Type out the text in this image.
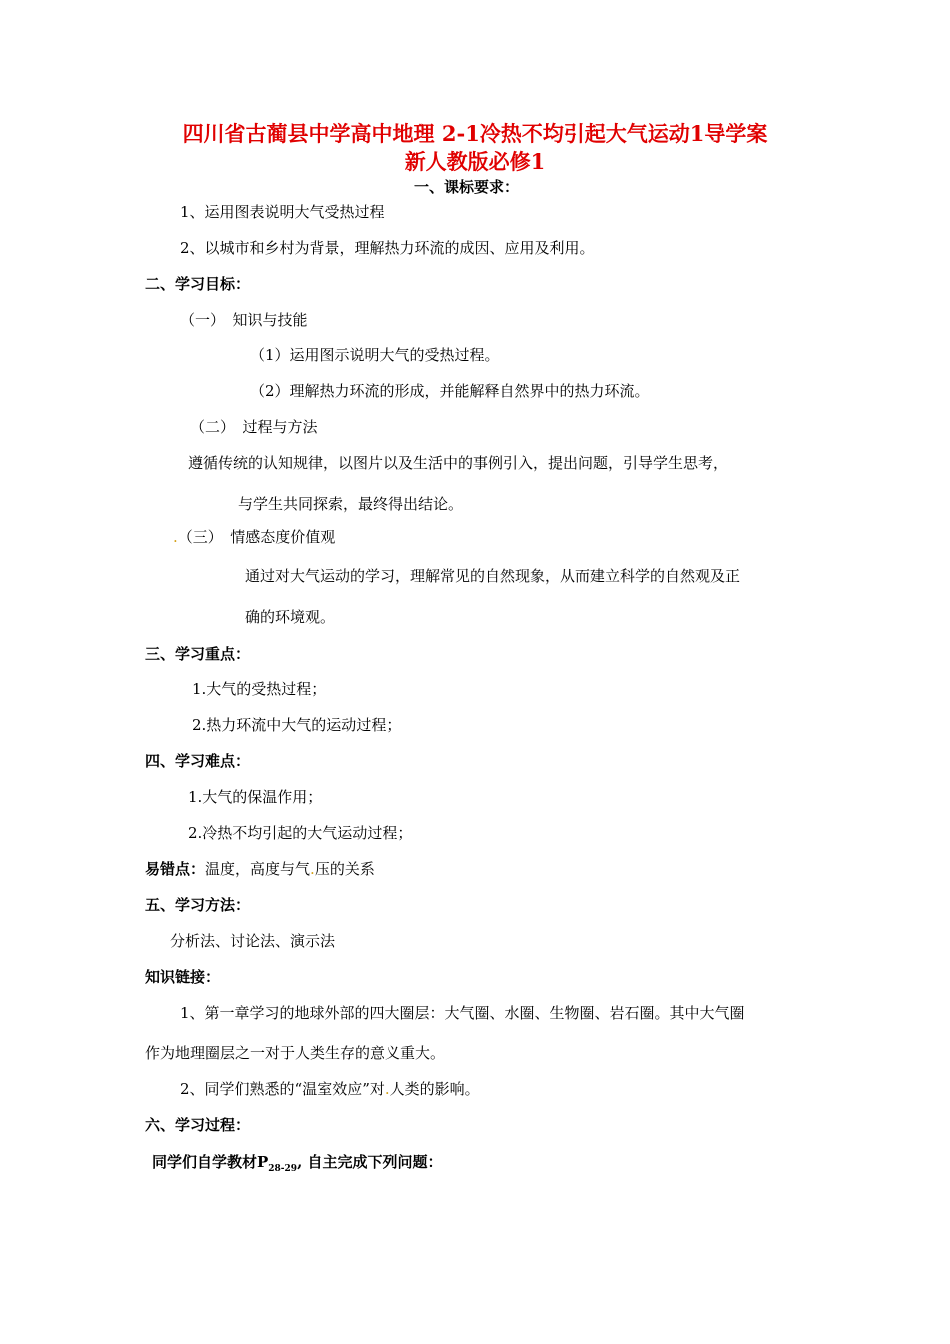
四川省古蔺县中学高中地理 2-1冷热不均引起大气运动1导学案
新人教版必修1
一、课标要求：
1、运用图表说明大气受热过程
2、以城市和乡村为背景，理解热力环流的成因、应用及利用。
二、学习目标：
（一）　知识与技能
（1）运用图示说明大气的受热过程。
（2）理解热力环流的形成，并能解释自然界中的热力环流。
（二）　过程与方法
遵循传统的认知规律，以图片以及生活中的事例引入，提出问题，引导学生思考，
与学生共同探索，最终得出结论。
.（三）　情感态度价值观
通过对大气运动的学习，理解常见的自然现象，从而建立科学的自然观及正
确的环境观。
三、学习重点：
1.大气的受热过程；
2.热力环流中大气的运动过程；
四、学习难点：
1.大气的保温作用；
2.冷热不均引起的大气运动过程；
易错点：温度，高度与气.压的关系
五、学习方法：
分析法、讨论法、演示法
知识链接：
1、第一章学习的地球外部的四大圈层：大气圈、水圈、生物圈、岩石圈。其中大气圈
作为地理圈层之一对于人类生存的意义重大。
2、同学们熟悉的“温室效应”对.人类的影响。
六、学习过程：
同学们自学教材$P_{28-29}$, 自主完成下列问题：
